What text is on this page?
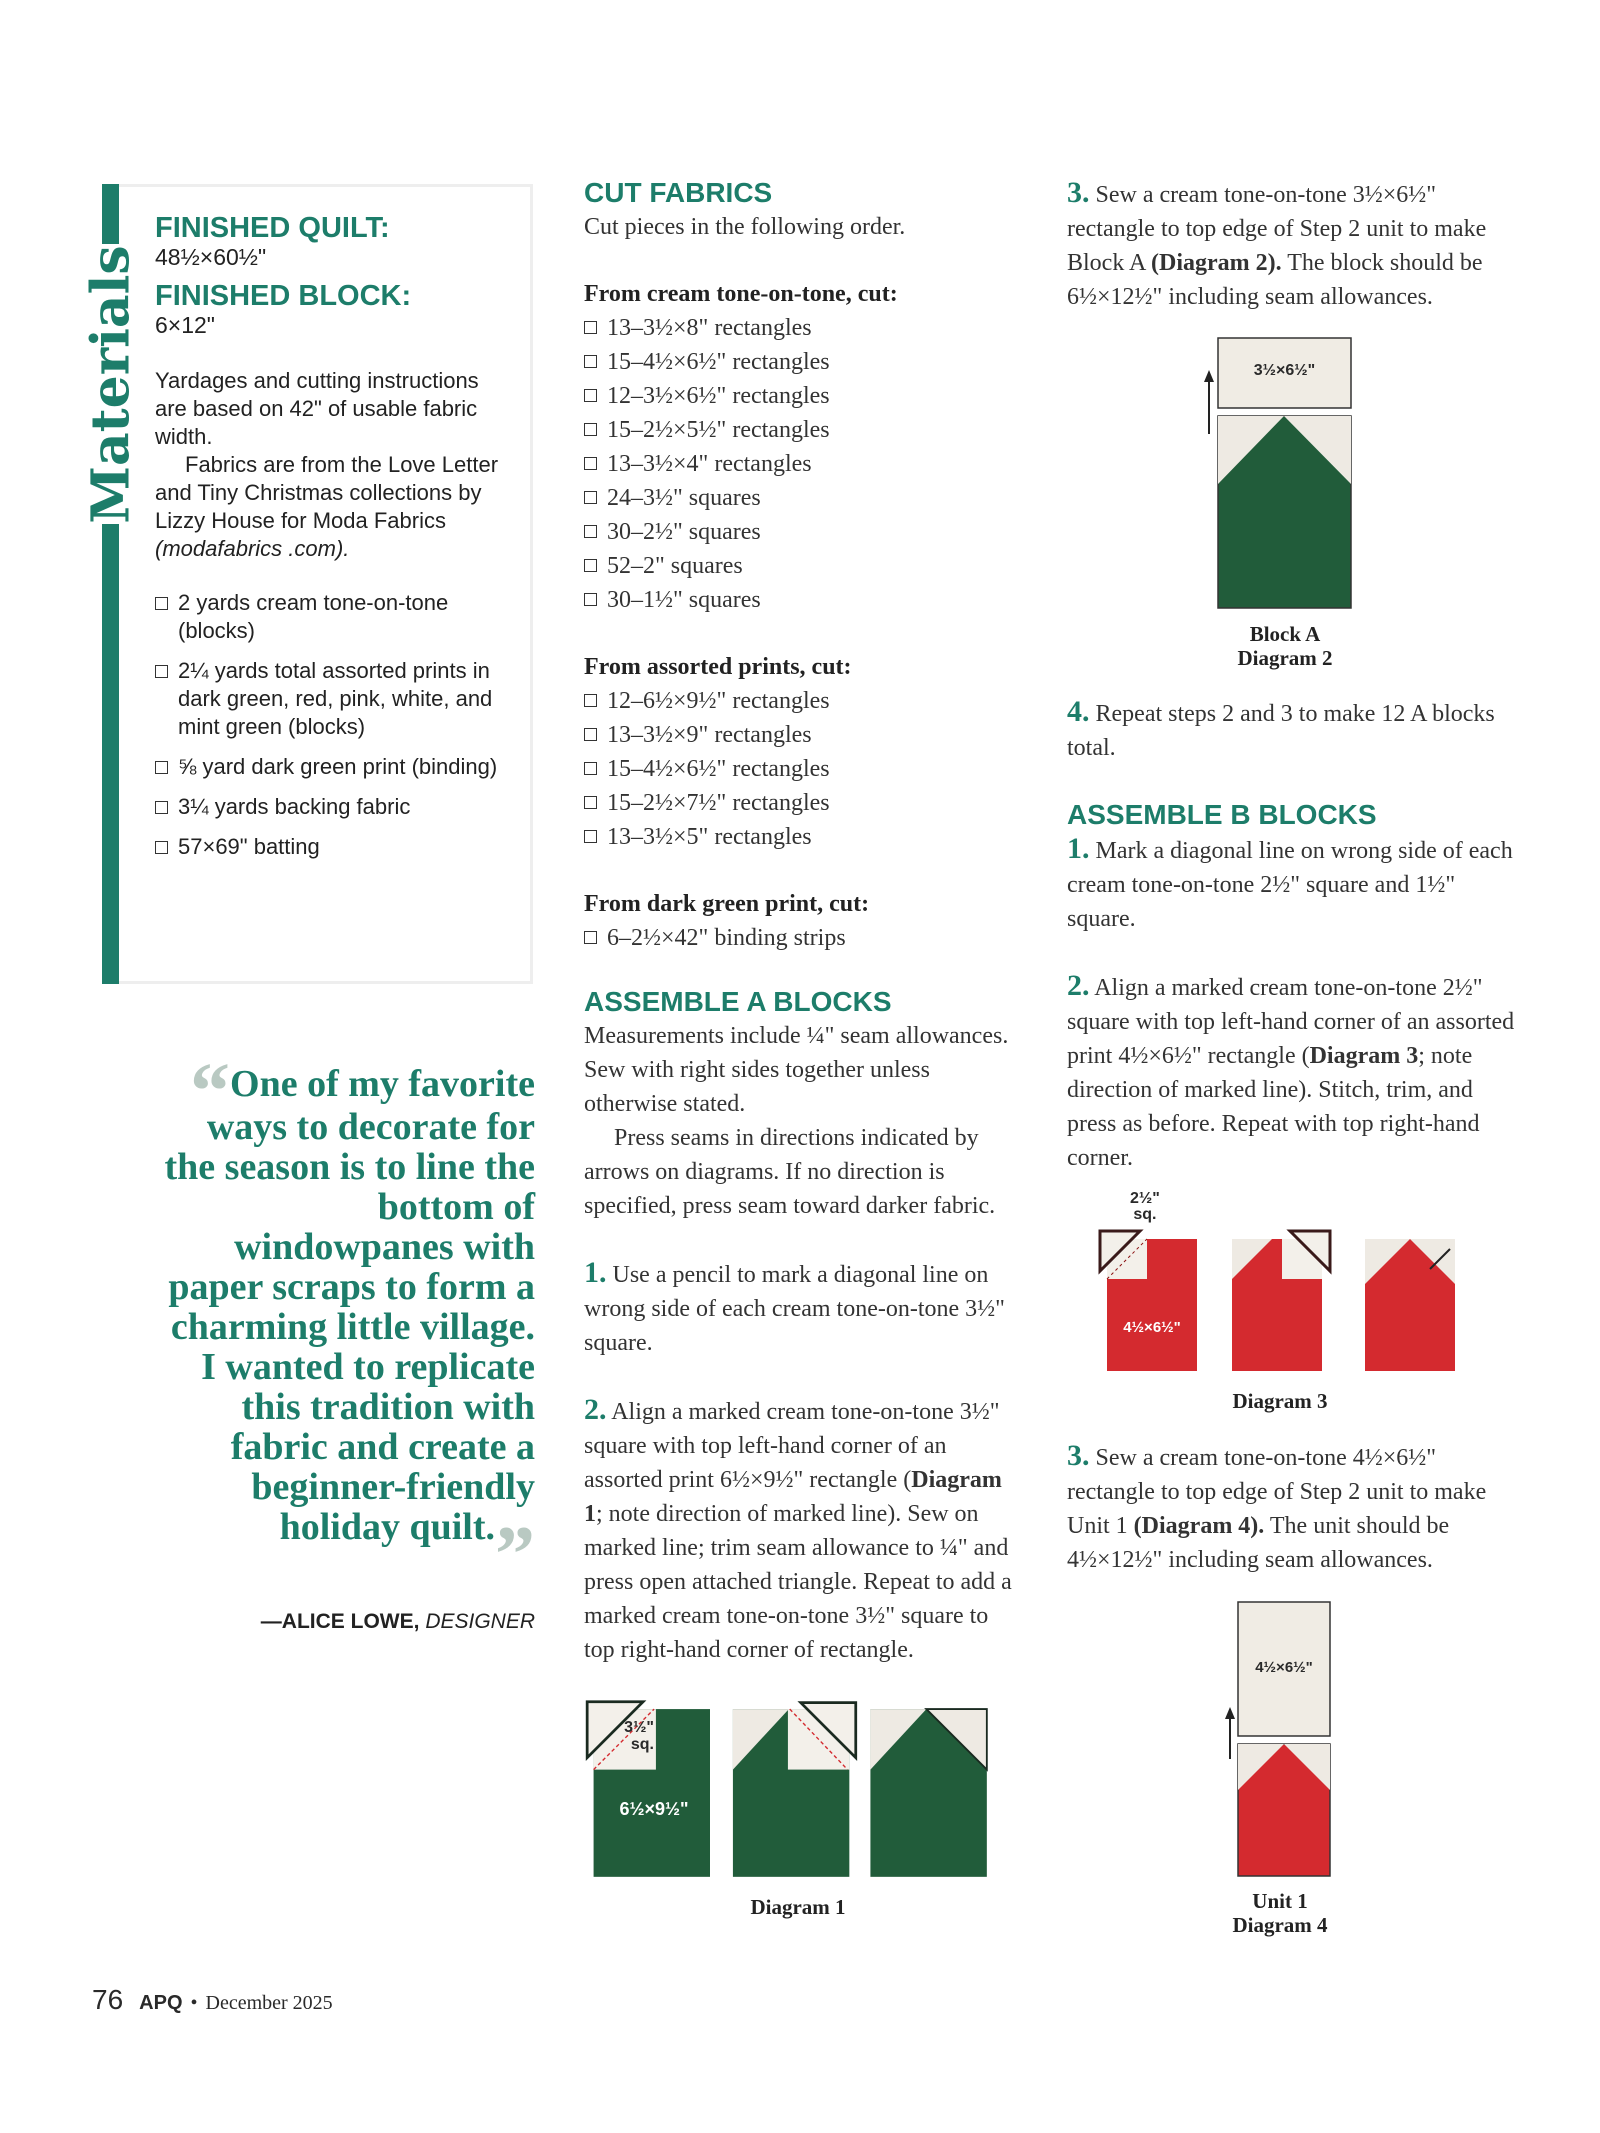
Materials
FINISHED QUILT:
48½×60½"
FINISHED BLOCK:
6×12"
Yardages and cutting instructions are based on 42" of usable fabric width.
Fabrics are from the Love Letter and Tiny Christmas collections by Lizzy House for Moda Fabrics (modafabrics .com).
2 yards cream tone-on-tone (blocks)
2¼ yards total assorted prints in dark green, red, pink, white, and mint green (blocks)
⅝ yard dark green print (binding)
3¼ yards backing fabric
57×69" batting
“One of my favorite ways to decorate for the season is to line the bottom of windowpanes with paper scraps to form a charming little village. I wanted to replicate this tradition with fabric and create a beginner-friendly holiday quilt.”
—ALICE LOWE, DESIGNER
CUT FABRICS
Cut pieces in the following order.
From cream tone-on-tone, cut:
13–3½×8" rectangles
15–4½×6½" rectangles
12–3½×6½" rectangles
15–2½×5½" rectangles
13–3½×4" rectangles
24–3½" squares
30–2½" squares
52–2" squares
30–1½" squares
From assorted prints, cut:
12–6½×9½" rectangles
13–3½×9" rectangles
15–4½×6½" rectangles
15–2½×7½" rectangles
13–3½×5" rectangles
From dark green print, cut:
6–2½×42" binding strips
ASSEMBLE A BLOCKS
Measurements include ¼" seam allowances. Sew with right sides together unless otherwise stated.
Press seams in directions indicated by arrows on diagrams. If no direction is specified, press seam toward darker fabric.
1. Use a pencil to mark a diagonal line on wrong side of each cream tone-on-tone 3½" square.
2. Align a marked cream tone-on-tone 3½" square with top left-hand corner of an assorted print 6½×9½" rectangle (Diagram 1; note direction of marked line). Sew on marked line; trim seam allowance to ¼" and press open attached triangle. Repeat to add a marked cream tone-on-tone 3½" square to top right-hand corner of rectangle.
3½"
sq.
6½×9½"
Diagram 1
3. Sew a cream tone-on-tone 3½×6½" rectangle to top edge of Step 2 unit to make Block A (Diagram 2). The block should be 6½×12½" including seam allowances.
3½×6½"
Block A
Diagram 2
4. Repeat steps 2 and 3 to make 12 A blocks total.
ASSEMBLE B BLOCKS
1. Mark a diagonal line on wrong side of each cream tone-on-tone 2½" square and 1½" square.
2. Align a marked cream tone-on-tone 2½" square with top left-hand corner of an assorted print 4½×6½" rectangle (Diagram 3; note direction of marked line). Stitch, trim, and press as before. Repeat with top right-hand corner.
2½"
sq.
4½×6½"
Diagram 3
3. Sew a cream tone-on-tone 4½×6½" rectangle to top edge of Step 2 unit to make Unit 1 (Diagram 4). The unit should be 4½×12½" including seam allowances.
4½×6½"
Unit 1
Diagram 4
76 APQ • December 2025
